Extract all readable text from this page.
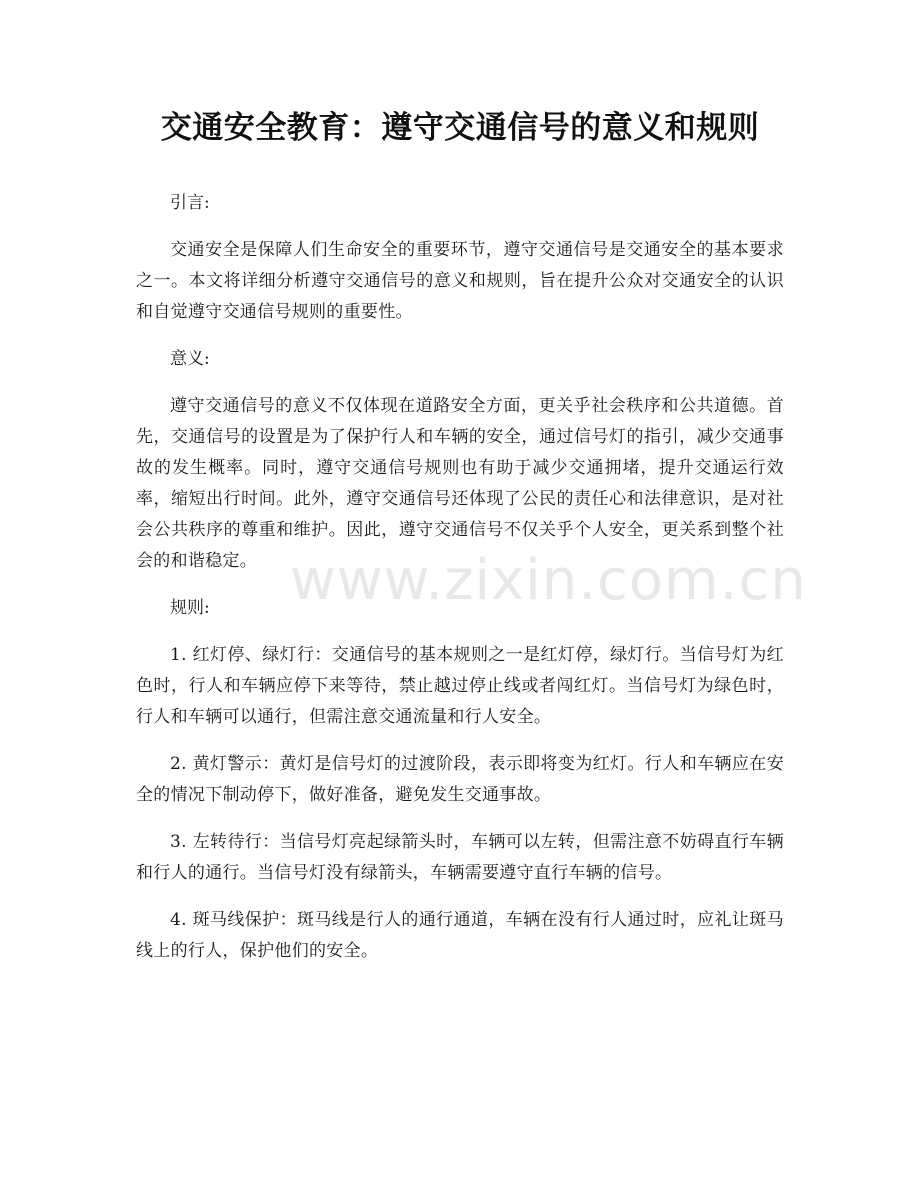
交通安全教育：遵守交通信号的意义和规则

引言:

交通安全是保障人们生命安全的重要环节，遵守交通信号是交通安全的基本要求之一。本文将详细分析遵守交通信号的意义和规则，旨在提升公众对交通安全的认识和自觉遵守交通信号规则的重要性。

意义:

遵守交通信号的意义不仅体现在道路安全方面，更关乎社会秩序和公共道德。首先，交通信号的设置是为了保护行人和车辆的安全，通过信号灯的指引，减少交通事故的发生概率。同时，遵守交通信号规则也有助于减少交通拥堵，提升交通运行效率，缩短出行时间。此外，遵守交通信号还体现了公民的责任心和法律意识，是对社会公共秩序的尊重和维护。因此，遵守交通信号不仅关乎个人安全，更关系到整个社会的和谐稳定。

规则:

1. 红灯停、绿灯行：交通信号的基本规则之一是红灯停，绿灯行。当信号灯为红色时，行人和车辆应停下来等待，禁止越过停止线或者闯红灯。当信号灯为绿色时，行人和车辆可以通行，但需注意交通流量和行人安全。

2. 黄灯警示：黄灯是信号灯的过渡阶段，表示即将变为红灯。行人和车辆应在安全的情况下制动停下，做好准备，避免发生交通事故。

3. 左转待行：当信号灯亮起绿箭头时，车辆可以左转，但需注意不妨碍直行车辆和行人的通行。当信号灯没有绿箭头，车辆需要遵守直行车辆的信号。

4. 斑马线保护：斑马线是行人的通行通道，车辆在没有行人通过时，应礼让斑马线上的行人，保护他们的安全。

www.zixin.com.cn
